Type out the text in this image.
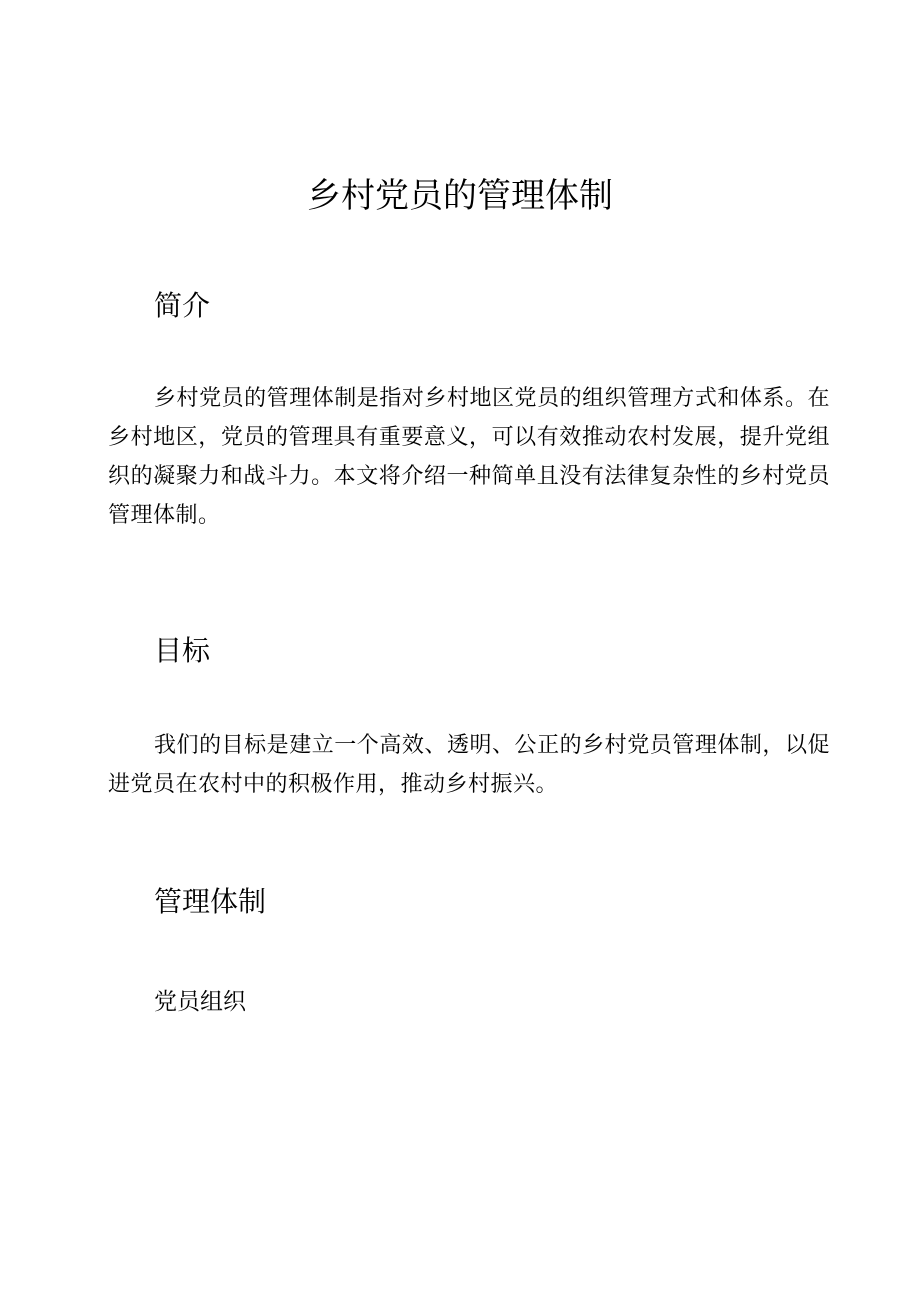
乡村党员的管理体制
简介

乡村党员的管理体制是指对乡村地区党员的组织管理方式和体系。在乡村地区，党员的管理具有重要意义，可以有效推动农村发展，提升党组织的凝聚力和战斗力。本文将介绍一种简单且没有法律复杂性的乡村党员管理体制。

目标

我们的目标是建立一个高效、透明、公正的乡村党员管理体制，以促进党员在农村中的积极作用，推动乡村振兴。

管理体制
党员组织
